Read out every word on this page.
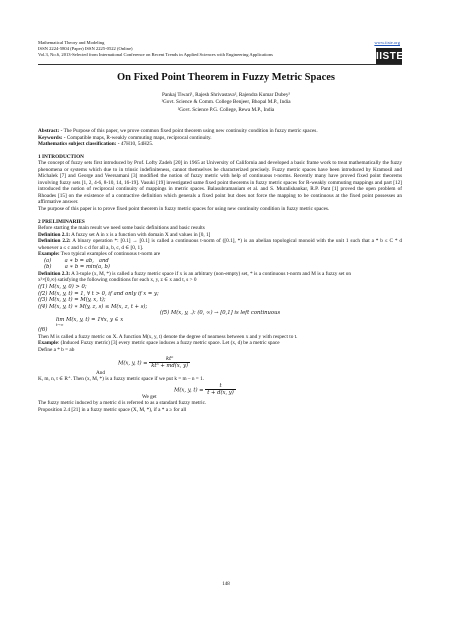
Mathematical Theory and Modeling
ISSN 2224-5804 (Paper) ISSN 2225-0522 (Online)
Vol.3, No.6, 2013-Selected from International Conference on Recent Trends in Applied Sciences with Engineering Applications
www.iiste.org
IISTE
On Fixed Point Theorem in Fuzzy Metric Spaces
Pankaj Tiwari¹, Rajesh Shrivastava², Rajendra Kumar Dubey²
¹Govt. Science & Comm. College Benjeer, Bhopal M.P., India
²Govt. Science P.G. College, Rewa M.P., India

Abstract: - The Purpose of this paper, we prove common fixed point theorem using new continuity condition in fuzzy metric spaces.

Keywords: - Compatible maps, R-weakly commuting maps, reciprocal continuity.

Mathematics subject classification: - 47H10, 54H25.

1 INTRODUCTION

The concept of fuzzy sets first introduced by Prof. Lofty Zadeh [20] in 1965 at University of California and developed a basic frame work to treat mathematically the fuzzy phenomena or systems which due to in trinsic indefiniteness, cannot themselves be characterized precisely. Fuzzy metric spaces have been introduced by Kramosil and Michalek [7] and George and Veersamani [3] modified the notion of fuzzy metric with help of continuous t-norms. Recently many have proved fixed point theorems involving fuzzy sets [1, 2, 4-6, 8-10, 14, 16-19]. Vasuki [19] investigated same fixed point theorems in fuzzy metric spaces for R-weakly commuting mappings and part [12] introduced the notion of reciprocal continuity of mappings in metric spaces. Balasubramaniam et al. and S. Muralishankar, R.P. Pant [1] proved the open problem of Rhoades [15] on the existence of a contractive definition which generals a fixed point but does not force the mapping to be continuous at the fixed point possesses an affirmative answer.

The purpose of this paper is to prove fixed point theorem in fuzzy metric spaces for using new continuity condition in fuzzy metric spaces.

2 PRELIMINARIES

Before starting the main result we need some basic definitions and basic results

Definition 2.1: A fuzzy set A in x is a function with domain X and values in [0, 1]

Definition 2.2: A binary operation *: [0.1] → [0.1] is called a continuous t-norm of ([0.1], *) is an abelian topological monoid with the unit 1 such that a * b ≤ C * d whenever a ≤ c and b ≤ d for all a, b, c, d ∈ [0, 1].

Example: Two typical examples of continuous t-norm are

(a)        a ∗ b = ab,   and

(b)        a ∗ b = min(a, b)

Definition 2.3: A 3-tuple (x, M, *) is called a fuzzy metric space if x is an arbitrary (non-empty) set, * is a continuous t-norm and M is a fuzzy set on

x²×[0,∞) satisfying the following conditions for each x, y, z ∈ x and t, s > 0

(f1) M(x, y, 0) > 0;

(f2) M(x, y, t) = 1, ∀ t > 0, if and only if x = y;

(f3) M(x, y, t) = M(y, x, t);

(f4) M(x, y, t) ∗ M(y, z, s) ≤ M(x, z, t + s);

(f5) M(x, y, .): (0, ∞) → [0,1] is left continuous

lim M(x, y, t) = 1∀x, y ∈ x

t→∞

(f6)

Then M is called a fuzzy metric on X. A function M(x, y, t) denote the degree of nearness between x and y with respect to t.

Example: (Induced Fuzzy metric) [3] every metric space induces a fuzzy metric space. Let (x, d) be a metric space

Define a * b = ab

M(x, y, $t) = \frac{\text{ktⁿ}}{\text{ktⁿ + md(x, y)}}$

And

K, m, n, t ∈ R⁺. Then (x, M, *) is a fuzzy metric space if we put k = m – n = 1.

M(x, y, $t) = \frac{t}{t + d(x, y)}$

We get

The fuzzy metric induced by a metric d is referred to as a standard fuzzy metric.

Proposition 2.4 [21] in a fuzzy metric space (X, M, *), if a * a ≥ for all

148
